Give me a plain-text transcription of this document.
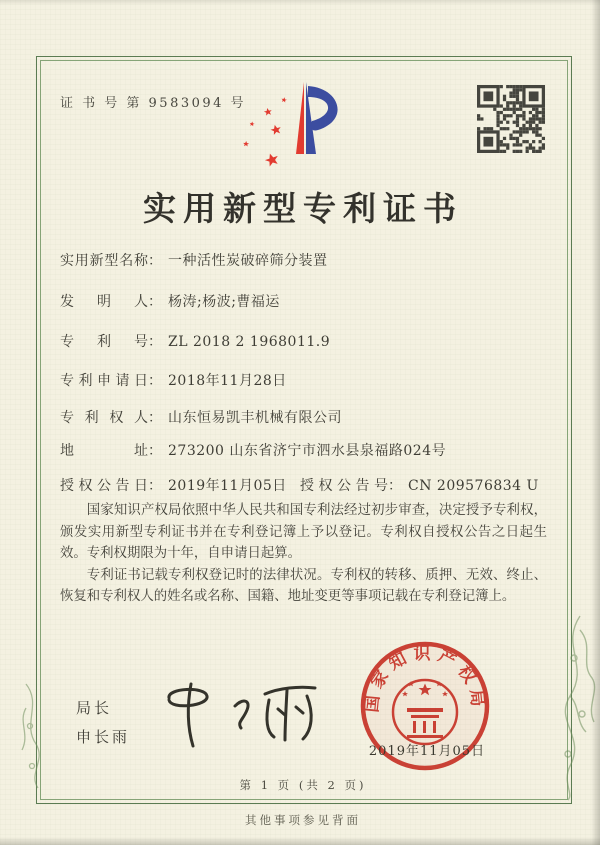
证 书 号 第 9583094 号
实用新型专利证书
实用新型名称： 一种活性炭破碎筛分装置
发明人： 杨涛;杨波;曹福运
专利号： ZL 2018 2 1968011.9
专利申请日： 2018年11月28日
专利权人： 山东恒易凯丰机械有限公司
地址： 273200 山东省济宁市泗水县泉福路024号
授权公告日： 2019年11月05日 授权公告号： CN 209576834 U

国家知识产权局依照中华人民共和国专利法经过初步审查，决定授予专利权，颁发实用新型专利证书并在专利登记簿上予以登记。专利权自授权公告之日起生效。专利权期限为十年，自申请日起算。

专利证书记载专利权登记时的法律状况。专利权的转移、质押、无效、终止、恢复和专利权人的姓名或名称、国籍、地址变更等事项记载在专利登记簿上。

局长
申长雨
国家知识产权局
2019年11月05日
第 1 页 (共 2 页)
其他事项参见背面
